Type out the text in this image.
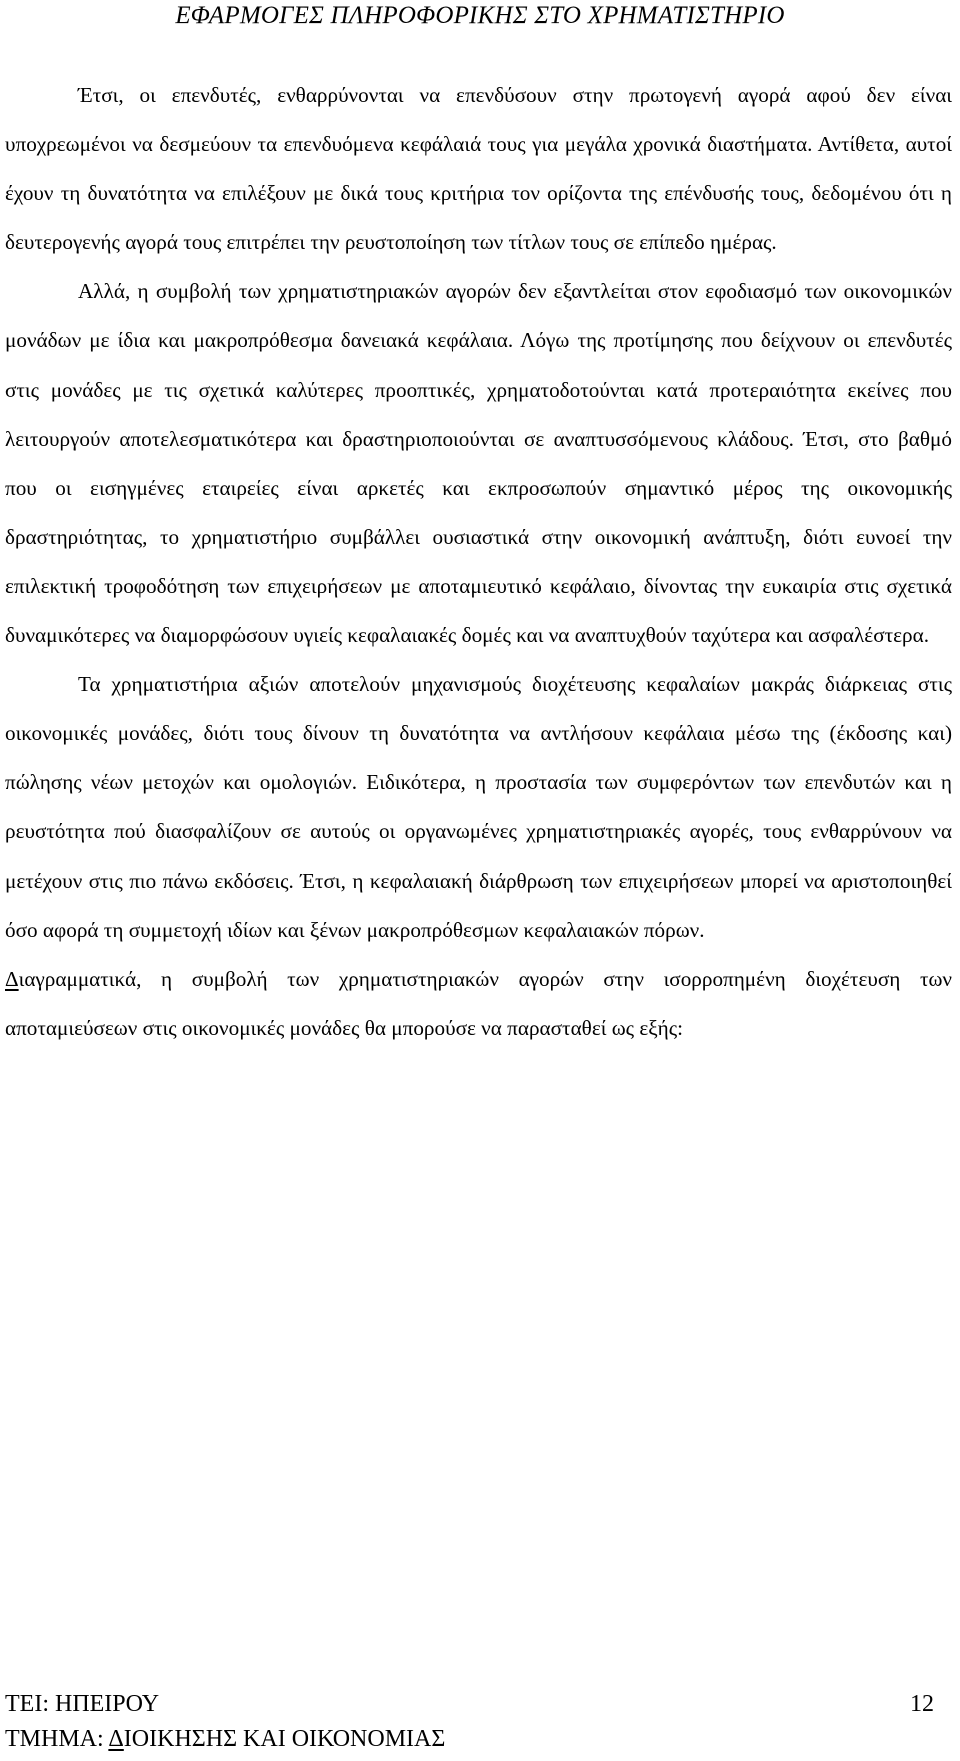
ΕΦΑΡΜΟΓΕΣ ΠΛΗΡΟΦΟΡΙΚΗΣ ΣΤΟ ΧΡΗΜΑΤΙΣΤΗΡΙΟ

Έτσι, οι επενδυτές, ενθαρρύνονται να επενδύσουν στην πρωτογενή αγορά αφού δεν είναι υποχρεωμένοι να δεσμεύουν τα επενδυόμενα κεφάλαιά τους για μεγάλα χρονικά διαστήματα. Αντίθετα, αυτοί έχουν τη δυνατότητα να επιλέξουν με δικά τους κριτήρια τον ορίζοντα της επένδυσής τους, δεδομένου ότι η δευτερογενής αγορά τους επιτρέπει την ρευστοποίηση των τίτλων τους σε επίπεδο ημέρας.

Αλλά, η συμβολή των χρηματιστηριακών αγορών δεν εξαντλείται στον εφοδιασμό των οικονομικών μονάδων με ίδια και μακροπρόθεσμα δανειακά κεφάλαια. Λόγω της προτίμησης που δείχνουν οι επενδυτές στις μονάδες με τις σχετικά καλύτερες προοπτικές, χρηματοδοτούνται κατά προτεραιότητα εκείνες που λειτουργούν αποτελεσματικότερα και δραστηριοποιούνται σε αναπτυσσόμενους κλάδους. Έτσι, στο βαθμό που οι εισηγμένες εταιρείες είναι αρκετές και εκπροσωπούν σημαντικό μέρος της οικονομικής δραστηριότητας, το χρηματιστήριο συμβάλλει ουσιαστικά στην οικονομική ανάπτυξη, διότι ευνοεί την επιλεκτική τροφοδότηση των επιχειρήσεων με αποταμιευτικό κεφάλαιο, δίνοντας την ευκαιρία στις σχετικά δυναμικότερες να διαμορφώσουν υγιείς κεφαλαιακές δομές και να αναπτυχθούν ταχύτερα και ασφαλέστερα.

Τα χρηματιστήρια αξιών αποτελούν μηχανισμούς διοχέτευσης κεφαλαίων μακράς διάρκειας στις οικονομικές μονάδες, διότι τους δίνουν τη δυνατότητα να αντλήσουν κεφάλαια μέσω της (έκδοσης και) πώλησης νέων μετοχών και ομολογιών. Ειδικότερα, η προστασία των συμφερόντων των επενδυτών και η ρευστότητα πού διασφαλίζουν σε αυτούς οι οργανωμένες χρηματιστηριακές αγορές, τους ενθαρρύνουν να μετέχουν στις πιο πάνω εκδόσεις. Έτσι, η κεφαλαιακή διάρθρωση των επιχειρήσεων μπορεί να αριστοποιηθεί όσο αφορά τη συμμετοχή ιδίων και ξένων μακροπρόθεσμων κεφαλαιακών πόρων.

Διαγραμματικά, η συμβολή των χρηματιστηριακών αγορών στην ισορροπημένη διοχέτευση των αποταμιεύσεων στις οικονομικές μονάδες θα μπορούσε να παρασταθεί ως εξής:

ΤΕΙ: ΗΠΕΙΡΟΥ
ΤΜΗΜΑ: ΔΙΟΙΚΗΣΗΣ ΚΑΙ ΟΙΚΟΝΟΜΙΑΣ
12
